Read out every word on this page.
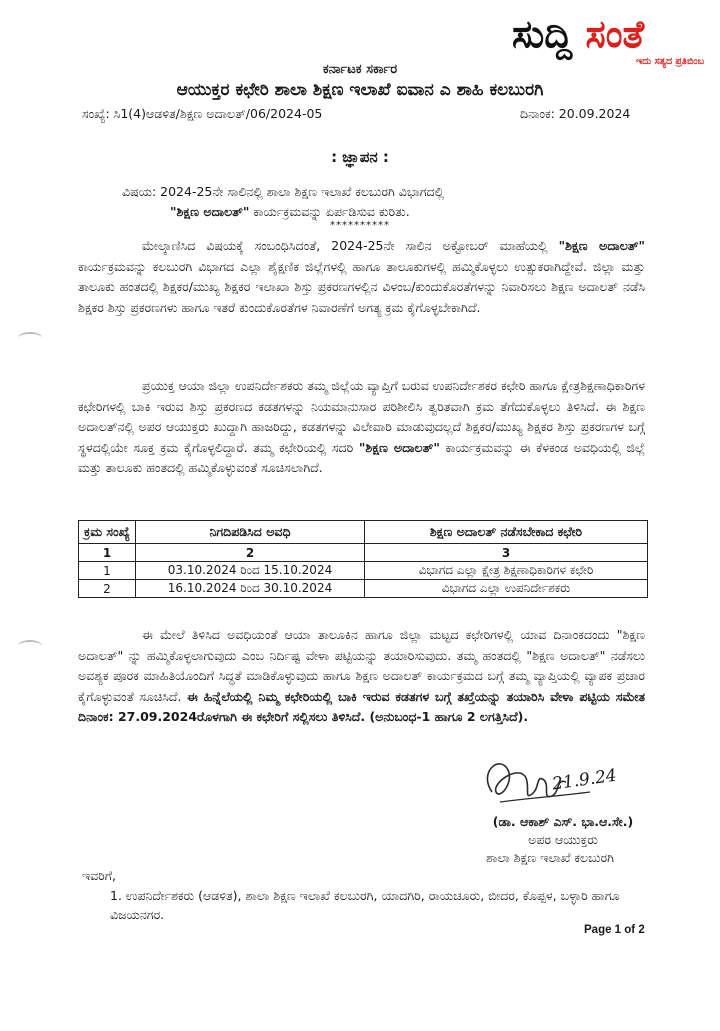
ಸುದ್ದಿ ಸಂತೆ
ಇದು ಸತ್ಯದ ಪ್ರತಿಬಿಂಬ
ಕರ್ನಾಟಕ ಸರ್ಕಾರ
ಆಯುಕ್ತರ ಕಛೇರಿ ಶಾಲಾ ಶಿಕ್ಷಣ ಇಲಾಖೆ ಐವಾನ ಎ ಶಾಹಿ ಕಲಬುರಗಿ
ಸಂಖ್ಯೆ: ಸಿ1(4)ಆಡಳಿತ/ಶಿಕ್ಷಣ ಅದಾಲತ್/06/2024-05	ದಿನಾಂಕ: 20.09.2024
: ಜ್ಞಾಪನ :
ವಿಷಯ: 2024-25ನೇ ಸಾಲಿನಲ್ಲಿ ಶಾಲಾ ಶಿಕ್ಷಣ ಇಲಾಖೆ ಕಲಬುರಗಿ ವಿಭಾಗದಲ್ಲಿ
"ಶಿಕ್ಷಣ ಅದಾಲತ್" ಕಾರ್ಯಕ್ರಮವನ್ನು ಏರ್ಪಡಿಸುವ ಕುರಿತು.
**********

ಮೇಲ್ಕಾಣಿಸಿದ ವಿಷಯಕ್ಕೆ ಸಂಬಂಧಿಸಿದಂತೆ, 2024-25ನೇ ಸಾಲಿನ ಅಕ್ಟೋಬರ್ ಮಾಹೆಯಲ್ಲಿ "ಶಿಕ್ಷಣ ಅದಾಲತ್" ಕಾರ್ಯಕ್ರಮವನ್ನು ಕಲಬುರಗಿ ವಿಭಾಗದ ಎಲ್ಲಾ ಶೈಕ್ಷಣಿಕ ಜಿಲ್ಲೆಗಳಲ್ಲಿ ಹಾಗೂ ತಾಲೂಕುಗಳಲ್ಲಿ ಹಮ್ಮಿಕೊಳ್ಳಲು ಉತ್ಸುಕರಾಗಿದ್ದೇವೆ. ಜಿಲ್ಲಾ ಮತ್ತು ತಾಲೂಕು ಹಂತದಲ್ಲಿ ಶಿಕ್ಷಕರ/ಮುಖ್ಯ ಶಿಕ್ಷಕರ ಇಲಾಖಾ ಶಿಸ್ತು ಪ್ರಕರಣಗಳಲ್ಲಿನ ವಿಳಂಬ/ಕುಂದುಕೊರತೆಗಳನ್ನು ನಿವಾರಿಸಲು ಶಿಕ್ಷಣ ಅದಾಲತ್ ನಡೆಸಿ ಶಿಕ್ಷಕರ ಶಿಸ್ತು ಪ್ರಕರಣಗಳು ಹಾಗೂ ಇತರೆ ಕುಂದುಕೊರತೆಗಳ ನಿವಾರಣೆಗೆ ಅಗತ್ಯ ಕ್ರಮ ಕೈಗೊಳ್ಳಬೇಕಾಗಿದೆ.

ಪ್ರಯುಕ್ತ ಆಯಾ ಜಿಲ್ಲಾ ಉಪನಿರ್ದೇಶಕರು ತಮ್ಮ ಜಿಲ್ಲೆಯ ವ್ಯಾಪ್ತಿಗೆ ಬರುವ ಉಪನಿರ್ದೇಶಕರ ಕಛೇರಿ ಹಾಗೂ ಕ್ಷೇತ್ರಶಿಕ್ಷಣಾಧಿಕಾರಿಗಳ ಕಛೇರಿಗಳಲ್ಲಿ ಬಾಕಿ ಇರುವ ಶಿಸ್ತು ಪ್ರಕರಣದ ಕಡತಗಳನ್ನು ನಿಯಮಾನುಸಾರ ಪರಿಶೀಲಿಸಿ ತ್ವರಿತವಾಗಿ ಕ್ರಮ ತೆಗೆದುಕೊಳ್ಳಲು ತಿಳಿಸಿದೆ. ಈ ಶಿಕ್ಷಣ ಅದಾಲತ್‌ನಲ್ಲಿ ಅಪರ ಆಯುಕ್ತರು ಖುದ್ದಾಗಿ ಹಾಜರಿದ್ದು, ಕಡತಗಳನ್ನು ವಿಲೇವಾರಿ ಮಾಡುವುದಲ್ಲದೆ ಶಿಕ್ಷಕರ/ಮುಖ್ಯ ಶಿಕ್ಷಕರ ಶಿಸ್ತು ಪ್ರಕರಣಗಳ ಬಗ್ಗೆ ಸ್ಥಳದಲ್ಲಿಯೇ ಸೂಕ್ತ ಕ್ರಮ ಕೈಗೊಳ್ಳಲಿದ್ದಾರೆ. ತಮ್ಮ ಕಛೇರಿಯಲ್ಲಿ ಸದರಿ "ಶಿಕ್ಷಣ ಅದಾಲತ್" ಕಾರ್ಯಕ್ರಮವನ್ನು ಈ ಕೆಳಕಂಡ ಅವಧಿಯಲ್ಲಿ ಜಿಲ್ಲೆ ಮತ್ತು ತಾಲೂಕು ಹಂತದಲ್ಲಿ ಹಮ್ಮಿಕೊಳ್ಳುವಂತೆ ಸೂಚಿಸಲಾಗಿದೆ.

ಕ್ರಮ ಸಂಖ್ಯೆ	ನಿಗದಿಪಡಿಸಿದ ಅವಧಿ	ಶಿಕ್ಷಣ ಅದಾಲತ್ ನಡೆಸಬೇಕಾದ ಕಛೇರಿ
1	2	3
1	03.10.2024 ರಿಂದ 15.10.2024	ವಿಭಾಗದ ಎಲ್ಲಾ ಕ್ಷೇತ್ರ ಶಿಕ್ಷಣಾಧಿಕಾರಿಗಳ ಕಛೇರಿ
2	16.10.2024 ರಿಂದ 30.10.2024	ವಿಭಾಗದ ಎಲ್ಲಾ ಉಪನಿರ್ದೇಶಕರು

ಈ ಮೇಲೆ ತಿಳಿಸಿದ ಅವಧಿಯಂತೆ ಆಯಾ ತಾಲೂಕಿನ ಹಾಗೂ ಜಿಲ್ಲಾ ಮಟ್ಟದ ಕಛೇರಿಗಳಲ್ಲಿ ಯಾವ ದಿನಾಂಕದಂದು "ಶಿಕ್ಷಣ ಅದಾಲತ್" ನ್ನು ಹಮ್ಮಿಕೊಳ್ಳಲಾಗುವುದು ಎಂಬ ನಿರ್ದಿಷ್ಟ ವೇಳಾ ಪಟ್ಟಿಯನ್ನು ತಯಾರಿಸುವುದು. ತಮ್ಮ ಹಂತದಲ್ಲಿ "ಶಿಕ್ಷಣ ಅದಾಲತ್" ನಡೆಸಲು ಅವಶ್ಯಕ ಪೂರಕ ಮಾಹಿತಿಯೊಂದಿಗೆ ಸಿದ್ಧತೆ ಮಾಡಿಕೊಳ್ಳುವುದು ಹಾಗೂ ಶಿಕ್ಷಣ ಅದಾಲತ್ ಕಾರ್ಯಕ್ರಮದ ಬಗ್ಗೆ ತಮ್ಮ ವ್ಯಾಪ್ತಿಯಲ್ಲಿ ವ್ಯಾಪಕ ಪ್ರಚಾರ ಕೈಗೊಳ್ಳುವಂತೆ ಸೂಚಿಸಿದೆ. ಈ ಹಿನ್ನೆಲೆಯಲ್ಲಿ ನಿಮ್ಮ ಕಛೇರಿಯಲ್ಲಿ ಬಾಕಿ ಇರುವ ಕಡತಗಳ ಬಗ್ಗೆ ತಖ್ತೆಯನ್ನು ತಯಾರಿಸಿ ವೇಳಾ ಪಟ್ಟಿಯ ಸಮೇತ ದಿನಾಂಕ: 27.09.2024ರೊಳಗಾಗಿ ಈ ಕಛೇರಿಗೆ ಸಲ್ಲಿಸಲು ತಿಳಿಸಿದೆ. (ಅನುಬಂಧ-1 ಹಾಗೂ 2 ಲಗತ್ತಿಸಿದೆ).

21.9.24
(ಡಾ. ಆಕಾಶ್ ಎಸ್. ಭಾ.ಆ.ಸೇ.)
ಅಪರ ಆಯುಕ್ತರು
ಶಾಲಾ ಶಿಕ್ಷಣ ಇಲಾಖೆ ಕಲಬುರಗಿ
ಇವರಿಗೆ,
1. ಉಪನಿರ್ದೇಶಕರು (ಆಡಳಿತ), ಶಾಲಾ ಶಿಕ್ಷಣ ಇಲಾಖೆ ಕಲಬುರಗಿ, ಯಾದಗಿರಿ, ರಾಯಚೂರು, ಬೀದರ, ಕೊಪ್ಪಳ, ಬಳ್ಳಾರಿ ಹಾಗೂ ವಿಜಯನಗರ.
Page 1 of 2
